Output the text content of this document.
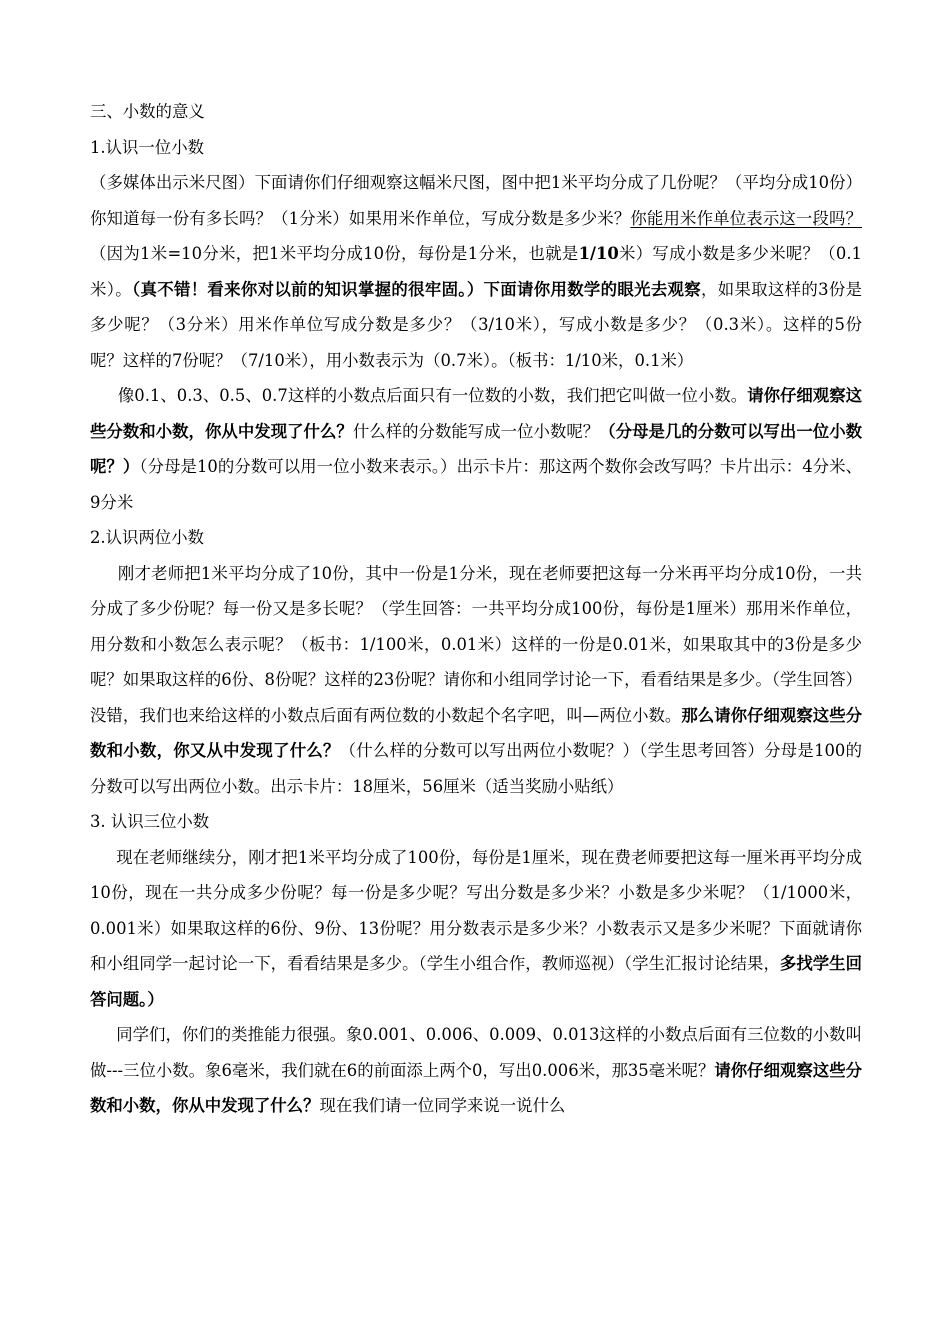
三、小数的意义

1.认识一位小数

（多媒体出示米尺图）下面请你们仔细观察这幅米尺图，图中把1米平均分成了几份呢？（平均分成10份）你知道每一份有多长吗？（1分米）如果用米作单位，写成分数是多少米？你能用米作单位表示这一段吗？（因为1米=10分米，把1米平均分成10份，每份是1分米，也就是1/10米）写成小数是多少米呢？（0.1米）。（真不错！看来你对以前的知识掌握的很牢固。）下面请你用数学的眼光去观察，如果取这样的3份是多少呢？（3分米）用米作单位写成分数是多少？（3/10米），写成小数是多少？（0.3米）。这样的5份呢？这样的7份呢？（7/10米），用小数表示为（0.7米）。（板书：1/10米，0.1米）

像0.1、0.3、0.5、0.7这样的小数点后面只有一位数的小数，我们把它叫做一位小数。请你仔细观察这些分数和小数，你从中发现了什么？什么样的分数能写成一位小数呢？（分母是几的分数可以写出一位小数呢？）（分母是10的分数可以用一位小数来表示。）出示卡片：那这两个数你会改写吗？卡片出示：4分米、9分米

2.认识两位小数

刚才老师把1米平均分成了10份，其中一份是1分米，现在老师要把这每一分米再平均分成10份，一共分成了多少份呢？每一份又是多长呢？（学生回答：一共平均分成100份，每份是1厘米）那用米作单位，用分数和小数怎么表示呢？（板书：1/100米，0.01米）这样的一份是0.01米，如果取其中的3份是多少呢？如果取这样的6份、8份呢？这样的23份呢？请你和小组同学讨论一下，看看结果是多少。（学生回答）没错，我们也来给这样的小数点后面有两位数的小数起个名字吧，叫—两位小数。那么请你仔细观察这些分数和小数，你又从中发现了什么？（什么样的分数可以写出两位小数呢？）（学生思考回答）分母是100的分数可以写出两位小数。出示卡片：18厘米，56厘米（适当奖励小贴纸）

3. 认识三位小数

现在老师继续分，刚才把1米平均分成了100份，每份是1厘米，现在费老师要把这每一厘米再平均分成10份，现在一共分成多少份呢？每一份是多少呢？写出分数是多少米？小数是多少米呢？（1/1000米，0.001米）如果取这样的6份、9份、13份呢？用分数表示是多少米？小数表示又是多少米呢？下面就请你和小组同学一起讨论一下，看看结果是多少。（学生小组合作，教师巡视）（学生汇报讨论结果，多找学生回答问题。）

同学们，你们的类推能力很强。象0.001、0.006、0.009、0.013这样的小数点后面有三位数的小数叫做---三位小数。象6毫米，我们就在6的前面添上两个0，写出0.006米，那35毫米呢？请你仔细观察这些分数和小数，你从中发现了什么？现在我们请一位同学来说一说什么
